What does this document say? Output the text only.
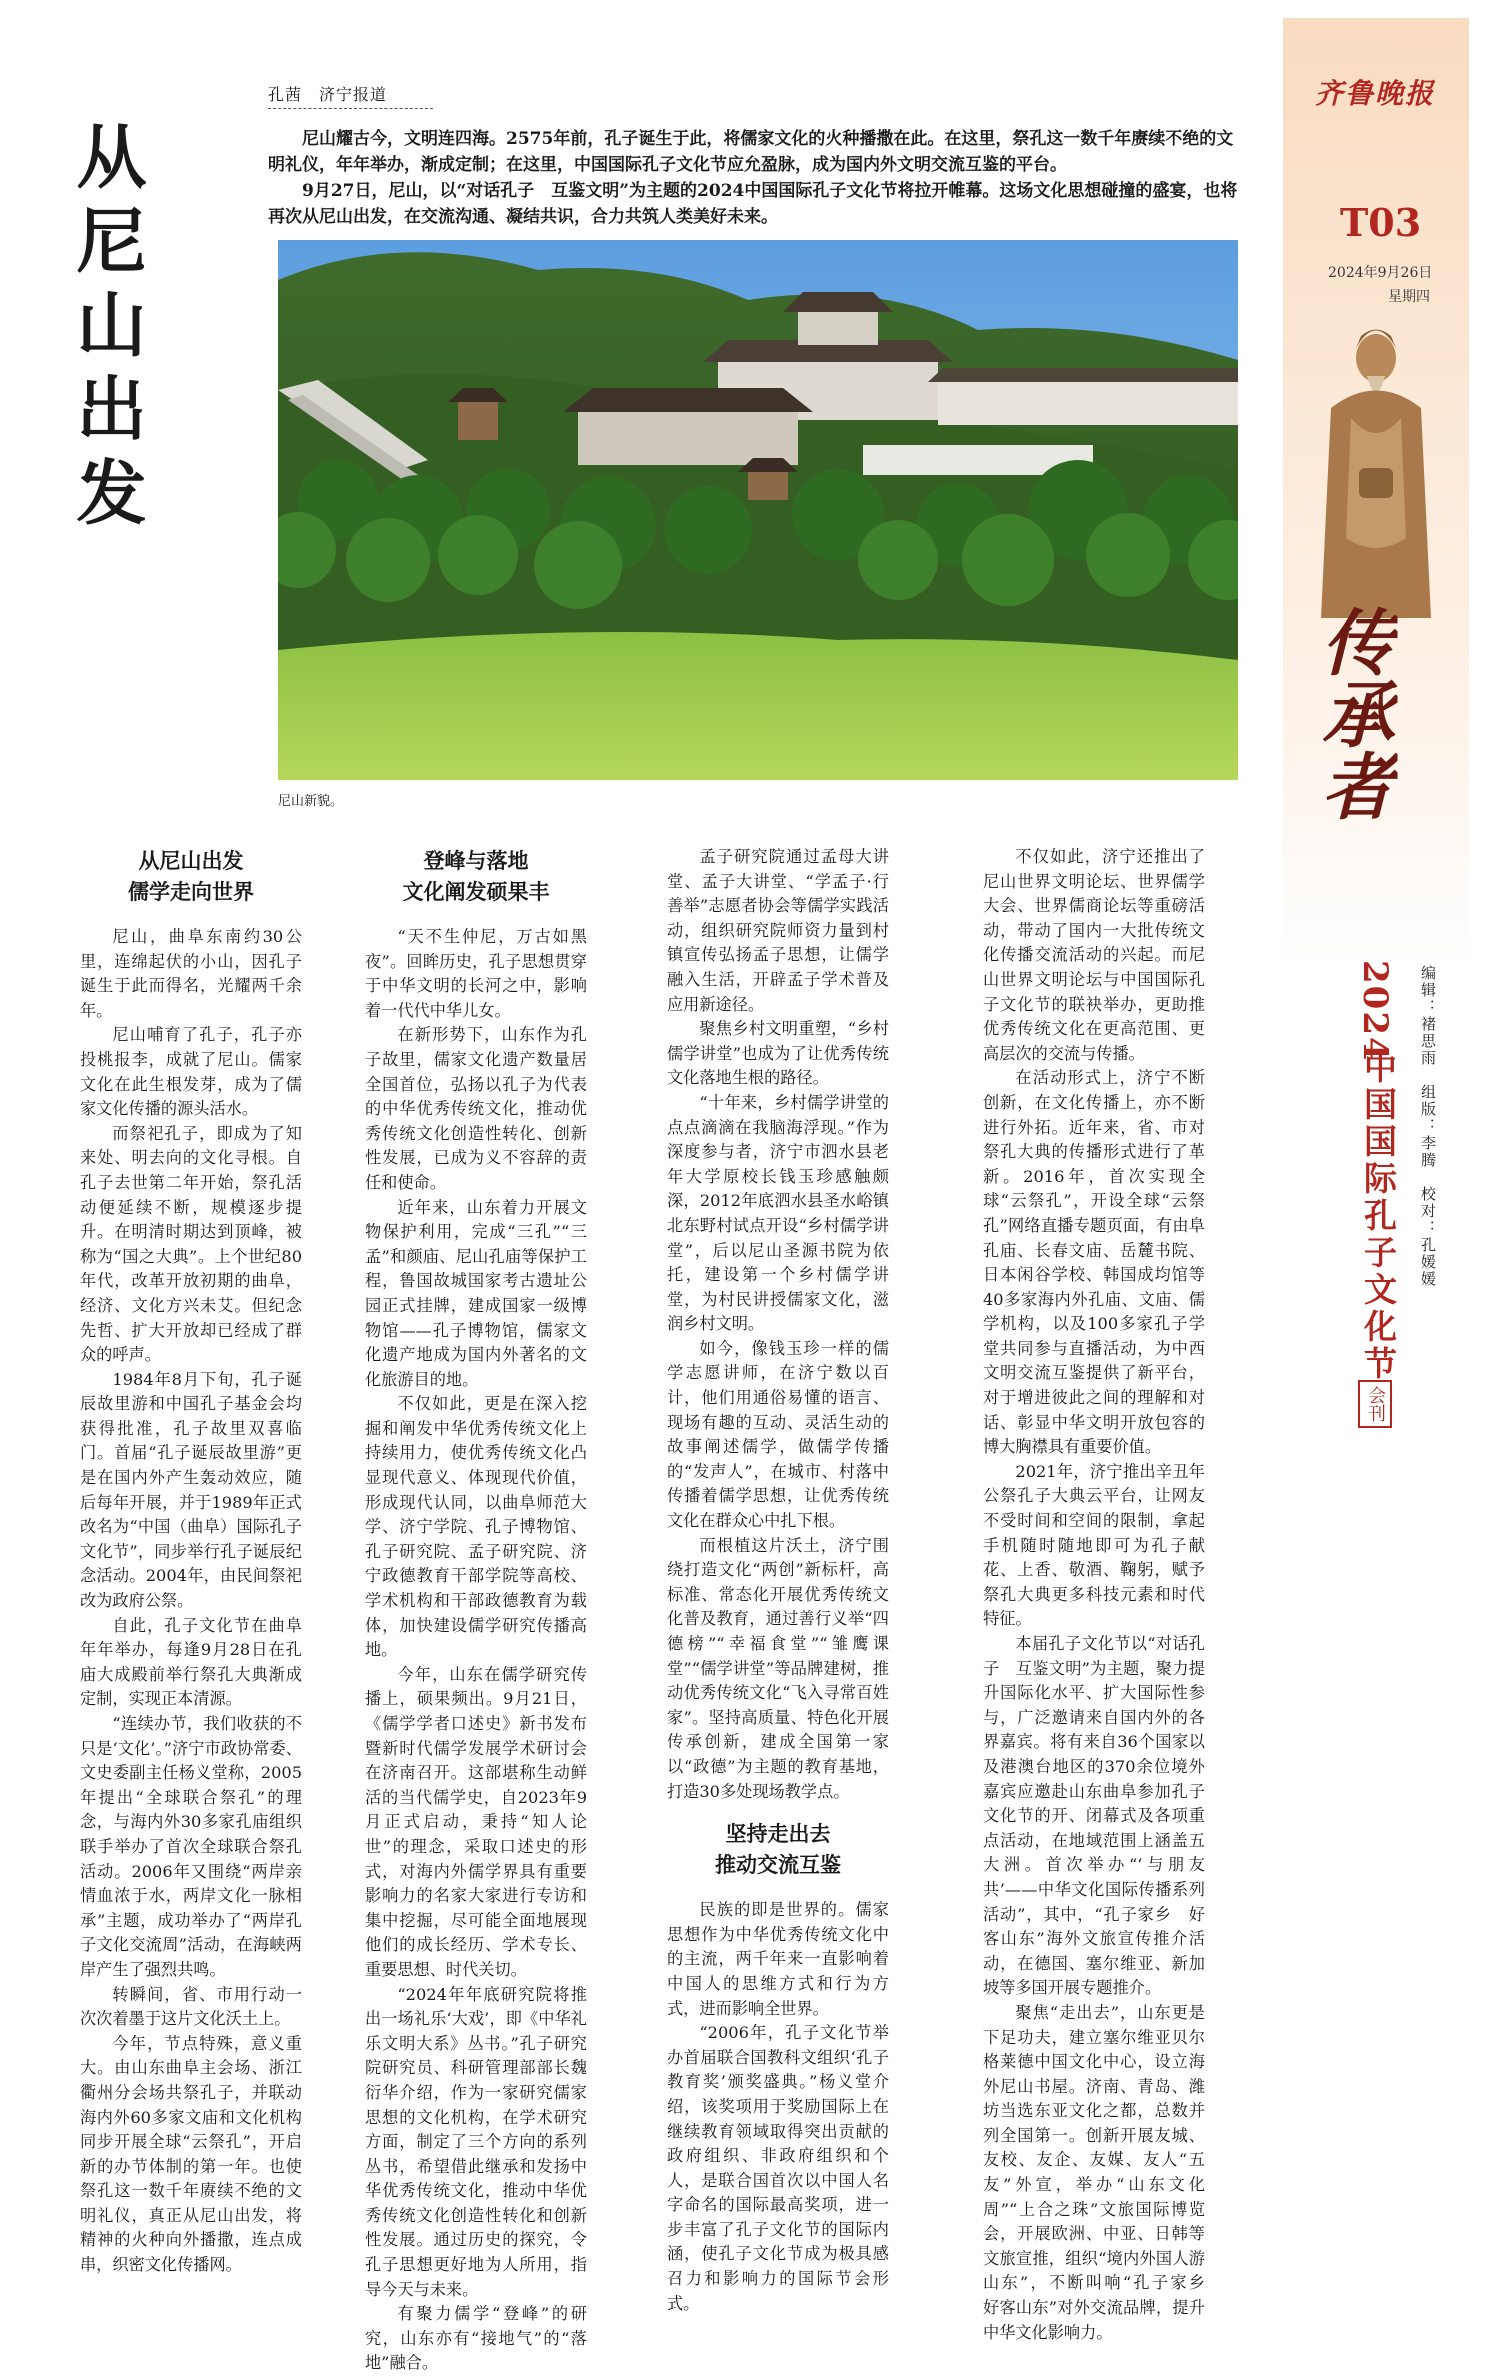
孔茜　济宁报道
从尼山出发	尼山耀古今，文明连四海。2575年前，孔子诞生于此，将儒家文化的火种播撒在此。在这里，祭孔这一数千年赓续不绝的文明礼仪，年年举办，渐成定制；在这里，中国国际孔子文化节应允盈脉，成为国内外文明交流互鉴的平台。

9月27日，尼山，以“对话孔子　互鉴文明”为主题的2024中国国际孔子文化节将拉开帷幕。这场文化思想碰撞的盛宴，也将再次从尼山出发，在交流沟通、凝结共识，合力共筑人类美好未来。

尼山新貌。
从尼山出发
儒学走向世界

尼山，曲阜东南约30公里，连绵起伏的小山，因孔子诞生于此而得名，光耀两千余年。

尼山哺育了孔子，孔子亦投桃报李，成就了尼山。儒家文化在此生根发芽，成为了儒家文化传播的源头活水。

而祭祀孔子，即成为了知来处、明去向的文化寻根。自孔子去世第二年开始，祭孔活动便延续不断，规模逐步提升。在明清时期达到顶峰，被称为“国之大典”。上个世纪80年代，改革开放初期的曲阜，经济、文化方兴未艾。但纪念先哲、扩大开放却已经成了群众的呼声。

1984年8月下旬，孔子诞辰故里游和中国孔子基金会均获得批准，孔子故里双喜临门。首届“孔子诞辰故里游”更是在国内外产生轰动效应，随后每年开展，并于1989年正式改名为“中国（曲阜）国际孔子文化节”，同步举行孔子诞辰纪念活动。2004年，由民间祭祀改为政府公祭。

自此，孔子文化节在曲阜年年举办，每逢9月28日在孔庙大成殿前举行祭孔大典渐成定制，实现正本清源。

“连续办节，我们收获的不只是‘文化’。”济宁市政协常委、文史委副主任杨义堂称，2005年提出“全球联合祭孔”的理念，与海内外30多家孔庙组织联手举办了首次全球联合祭孔活动。2006年又围绕“两岸亲情血浓于水，两岸文化一脉相承”主题，成功举办了“两岸孔子文化交流周”活动，在海峡两岸产生了强烈共鸣。

转瞬间，省、市用行动一次次着墨于这片文化沃土上。

今年，节点特殊，意义重大。由山东曲阜主会场、浙江衢州分会场共祭孔子，并联动海内外60多家文庙和文化机构同步开展全球“云祭孔”，开启新的办节体制的第一年。也使祭孔这一数千年赓续不绝的文明礼仪，真正从尼山出发，将精神的火种向外播撒，连点成串，织密文化传播网。

登峰与落地
文化阐发硕果丰

“天不生仲尼，万古如黑夜”。回眸历史，孔子思想贯穿于中华文明的长河之中，影响着一代代中华儿女。

在新形势下，山东作为孔子故里，儒家文化遗产数量居全国首位，弘扬以孔子为代表的中华优秀传统文化，推动优秀传统文化创造性转化、创新性发展，已成为义不容辞的责任和使命。

近年来，山东着力开展文物保护利用，完成“三孔”“三孟”和颜庙、尼山孔庙等保护工程，鲁国故城国家考古遗址公园正式挂牌，建成国家一级博物馆——孔子博物馆，儒家文化遗产地成为国内外著名的文化旅游目的地。

不仅如此，更是在深入挖掘和阐发中华优秀传统文化上持续用力，使优秀传统文化凸显现代意义、体现现代价值，形成现代认同，以曲阜师范大学、济宁学院、孔子博物馆、孔子研究院、孟子研究院、济宁政德教育干部学院等高校、学术机构和干部政德教育为载体，加快建设儒学研究传播高地。

今年，山东在儒学研究传播上，硕果频出。9月21日，《儒学学者口述史》新书发布暨新时代儒学发展学术研讨会在济南召开。这部堪称生动鲜活的当代儒学史，自2023年9月正式启动，秉持“知人论世”的理念，采取口述史的形式，对海内外儒学界具有重要影响力的名家大家进行专访和集中挖掘，尽可能全面地展现他们的成长经历、学术专长、重要思想、时代关切。

“2024年年底研究院将推出一场礼乐‘大戏’，即《中华礼乐文明大系》丛书。”孔子研究院研究员、科研管理部部长魏衍华介绍，作为一家研究儒家思想的文化机构，在学术研究方面，制定了三个方向的系列丛书，希望借此继承和发扬中华优秀传统文化，推动中华优秀传统文化创造性转化和创新性发展。通过历史的探究，令孔子思想更好地为人所用，指导今天与未来。

有聚力儒学“登峰”的研究，山东亦有“接地气”的“落地”融合。

孟子研究院通过孟母大讲堂、孟子大讲堂、“学孟子·行善举”志愿者协会等儒学实践活动，组织研究院师资力量到村镇宣传弘扬孟子思想，让儒学融入生活，开辟孟子学术普及应用新途径。

聚焦乡村文明重塑，“乡村儒学讲堂”也成为了让优秀传统文化落地生根的路径。

“十年来，乡村儒学讲堂的点点滴滴在我脑海浮现。”作为深度参与者，济宁市泗水县老年大学原校长钱玉珍感触颇深，2012年底泗水县圣水峪镇北东野村试点开设“乡村儒学讲堂”，后以尼山圣源书院为依托，建设第一个乡村儒学讲堂，为村民讲授儒家文化，滋润乡村文明。

如今，像钱玉珍一样的儒学志愿讲师，在济宁数以百计，他们用通俗易懂的语言、现场有趣的互动、灵活生动的故事阐述儒学，做儒学传播的“发声人”，在城市、村落中传播着儒学思想，让优秀传统文化在群众心中扎下根。

而根植这片沃土，济宁围绕打造文化“两创”新标杆，高标准、常态化开展优秀传统文化普及教育，通过善行义举“四德榜”“幸福食堂”“雏鹰课堂”“儒学讲堂”等品牌建树，推动优秀传统文化“飞入寻常百姓家”。坚持高质量、特色化开展传承创新，建成全国第一家以“政德”为主题的教育基地，打造30多处现场教学点。

坚持走出去
推动交流互鉴

民族的即是世界的。儒家思想作为中华优秀传统文化中的主流，两千年来一直影响着中国人的思维方式和行为方式，进而影响全世界。

“2006年，孔子文化节举办首届联合国教科文组织‘孔子教育奖’颁奖盛典。”杨义堂介绍，该奖项用于奖励国际上在继续教育领域取得突出贡献的政府组织、非政府组织和个人，是联合国首次以中国人名字命名的国际最高奖项，进一步丰富了孔子文化节的国际内涵，使孔子文化节成为极具感召力和影响力的国际节会形式。

不仅如此，济宁还推出了尼山世界文明论坛、世界儒学大会、世界儒商论坛等重磅活动，带动了国内一大批传统文化传播交流活动的兴起。而尼山世界文明论坛与中国国际孔子文化节的联袂举办，更助推优秀传统文化在更高范围、更高层次的交流与传播。

在活动形式上，济宁不断创新，在文化传播上，亦不断进行外拓。近年来，省、市对祭孔大典的传播形式进行了革新。2016年，首次实现全球“云祭孔”，开设全球“云祭孔”网络直播专题页面，有由阜孔庙、长春文庙、岳麓书院、日本闲谷学校、韩国成均馆等40多家海内外孔庙、文庙、儒学机构，以及100多家孔子学堂共同参与直播活动，为中西文明交流互鉴提供了新平台，对于增进彼此之间的理解和对话、彰显中华文明开放包容的博大胸襟具有重要价值。

2021年，济宁推出辛丑年公祭孔子大典云平台，让网友不受时间和空间的限制，拿起手机随时随地即可为孔子献花、上香、敬酒、鞠躬，赋予祭孔大典更多科技元素和时代特征。

本届孔子文化节以“对话孔子　互鉴文明”为主题，聚力提升国际化水平、扩大国际性参与，广泛邀请来自国内外的各界嘉宾。将有来自36个国家以及港澳台地区的370余位境外嘉宾应邀赴山东曲阜参加孔子文化节的开、闭幕式及各项重点活动，在地域范围上涵盖五大洲。首次举办“‘与朋友共’——中华文化国际传播系列活动”，其中，“孔子家乡　好客山东”海外文旅宣传推介活动，在德国、塞尔维亚、新加坡等多国开展专题推介。

聚焦“走出去”，山东更是下足功夫，建立塞尔维亚贝尔格莱德中国文化中心，设立海外尼山书屋。济南、青岛、潍坊当选东亚文化之都，总数并列全国第一。创新开展友城、友校、友企、友媒、友人“五友”外宣，举办“山东文化周”“上合之珠”文旅国际博览会，开展欧洲、中亚、日韩等文旅宣推，组织“境内外国人游山东”，不断叫响“孔子家乡　好客山东”对外交流品牌，提升中华文化影响力。

齐鲁晚报
T03
2024年9月26日
星期四
传承者
2024
中国国际孔子文化节
会刊
编辑：褚思雨　组版：李腾　校对：孔媛媛
